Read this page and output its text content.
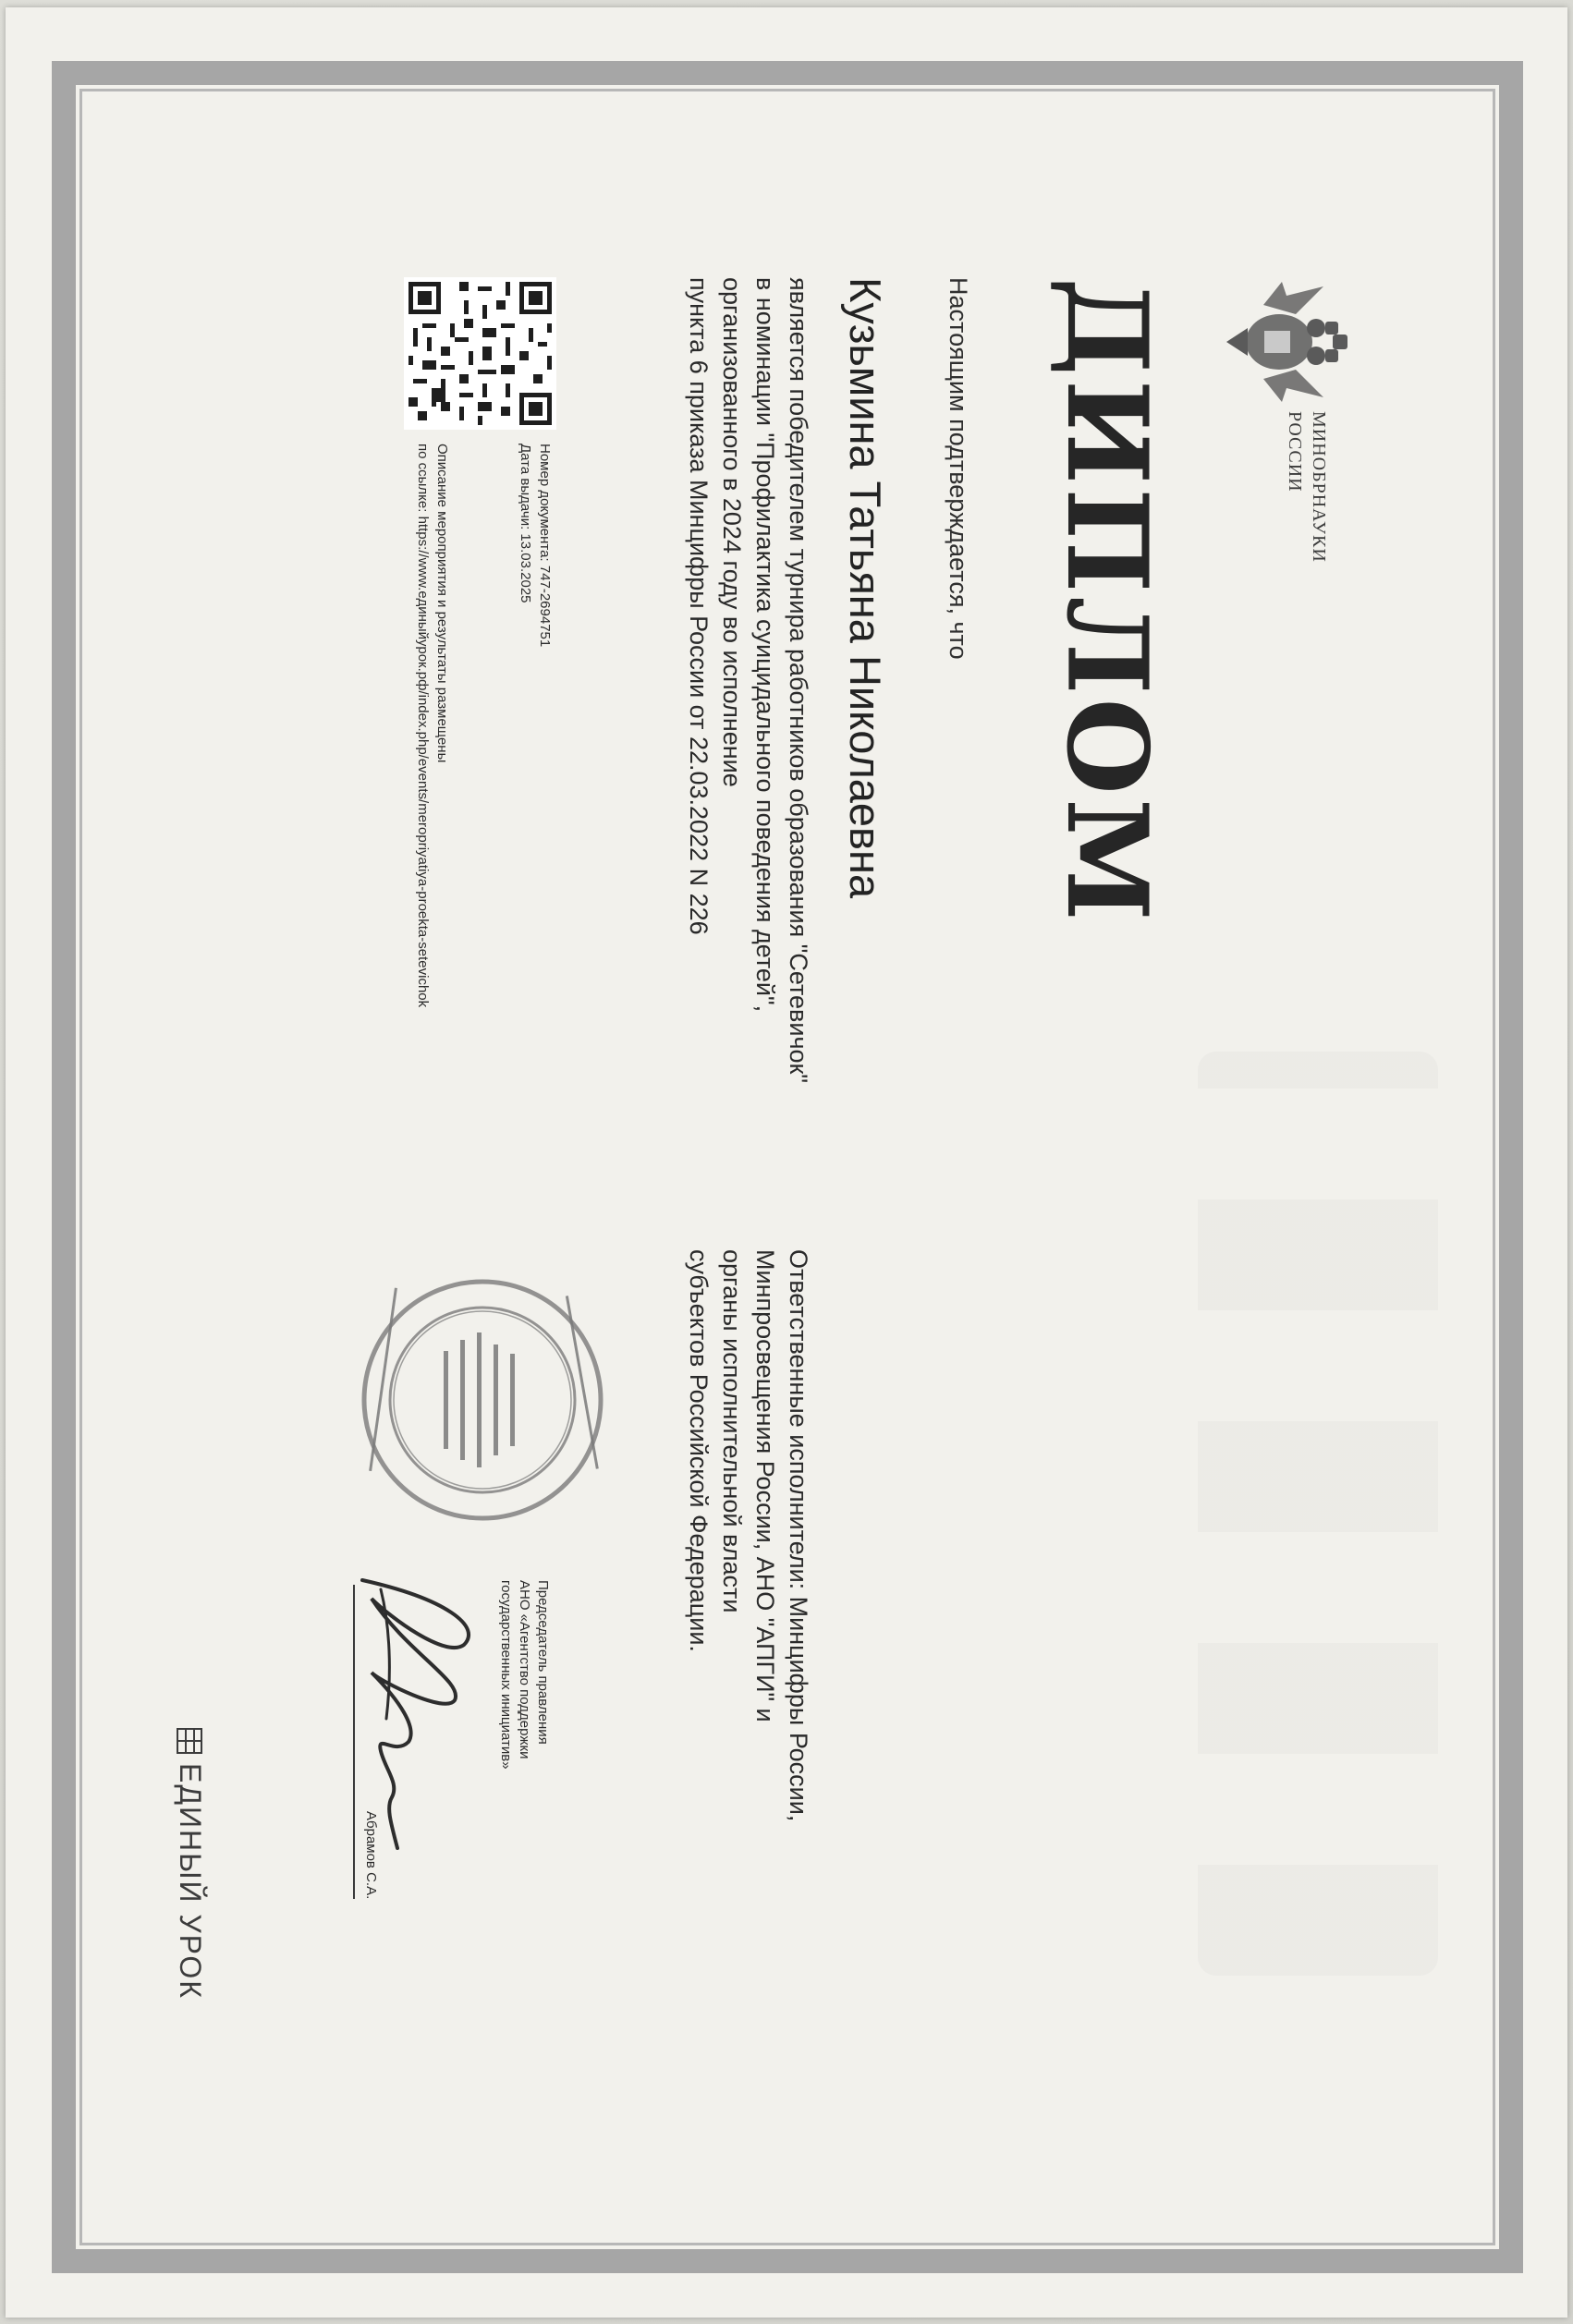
МИНОБРНАУКИ
РОССИИ
ДИПЛОМ
Настоящим подтверждается, что
Кузьмина Татьяна Николаевна
является победителем турнира работников образования "Сетевичок"
в номинации "Профилактика суицидального поведения детей",
организованного в 2024 году во исполнение
пункта 6 приказа Минцифры России от 22.03.2022 N 226
Ответственные исполнители: Минцифры России,
Минпросвещения России, АНО "АПГИ" и
органы исполнительной власти
субъектов Российской Федерации.
Номер документа: 747-2694751
Дата выдачи: 13.03.2025
Описание мероприятия и результаты размещены
по ссылке: https://www.единыйурок.рф/index.php/events/meropriyatiya-proekta-setevichok
Председатель правления
АНО «Агентство поддержки
государственных инициатив»
Абрамов С.А.
ЕДИНЫЙ УРОК
